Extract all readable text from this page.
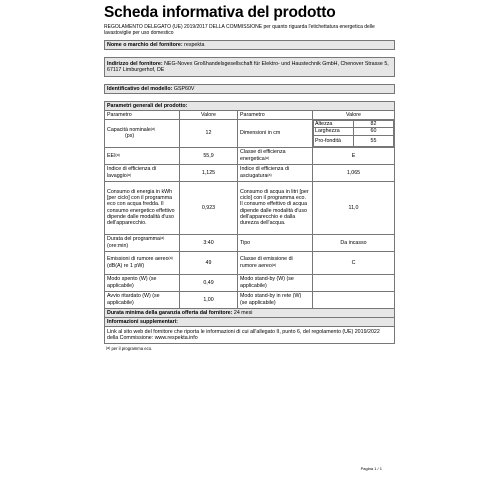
Scheda informativa del prodotto
REGOLAMENTO DELEGATO (UE) 2019/2017 DELLA COMMISSIONE per quanto riguarda l'etichettatura energetica delle lavastoviglie per uso domestico
Nome o marchio del fornitore: respekta

Indirizzo del fornitore: NEG-Novex Großhandelsgesellschaft für Elektro- und Haustechnik GmbH, Chenover Strasse 5, 67117 Limburgerhof, DE

Identificativo del modello: GSP60V

Parametri generali del prodotto:
Parametro	Valore	Parametro	Valore
Capacità nominale$^{(a)}$
(ps)	12	Dimensioni in cm	
Altezza	82
Larghezza	60
Pro-fondità	55

EEI$^{(a)}$	55,9	Classe di efficienza energetica$^{(a)}$	E
Indice di efficienza di lavaggio$^{(a)}$	1,125	Indice di efficienza di asciugatura$^{(a)}$	1,065
Consumo di energia in kWh [per ciclo] con il programma eco con acqua fredda. Il consumo energetico effettivo dipende dalle modalità d'uso dell'apparecchio.	0,923	Consumo di acqua in litri [per ciclo] con il programma eco. Il consumo effettivo di acqua dipende dalle modalità d'uso dell'apparecchio e dalla durezza dell'acqua.	11,0
Durata del programma$^{(a)}$ (ore:min)	3:40	Tipo	Da incasso
Emissioni di rumore aereo$^{(a)}$ (dB(A) re 1 pW)	49	Classe di emissione di rumore aereo$^{(a)}$	C
Modo spento (W) (se applicabile)	0,49	Modo stand-by (W) (se applicabile)	
Avvio ritardato (W) (se applicabile)	1,00	Modo stand-by in rete (W) (se applicabile)	
Durata minima della garanzia offerta dal fornitore: 24 mesi
Informazioni supplementari:
Link al sito web del fornitore che riporta le informazioni di cui all'allegato II, punto 6, del regolamento (UE) 2019/2022 della Commissione: www.respekta.info
$^{(a)}$ per il programma eco.
Pagina 1 / 1
